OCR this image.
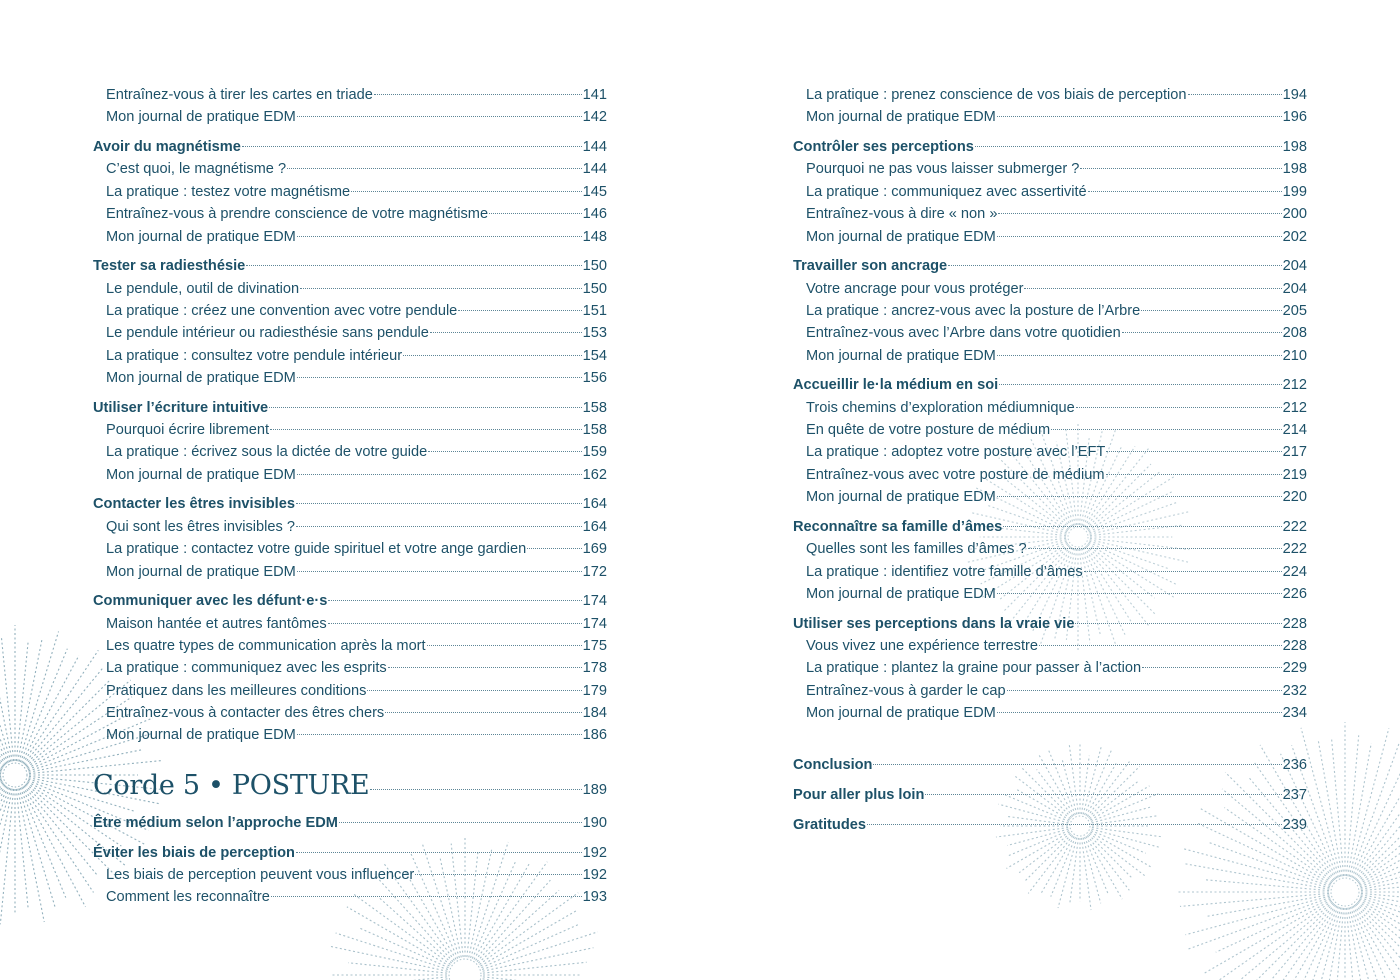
Entraînez-vous à tirer les cartes en triade	141
Mon journal de pratique EDM	142
Avoir du magnétisme	144
C’est quoi, le magnétisme ?	144
La pratique : testez votre magnétisme	145
Entraînez-vous à prendre conscience de votre magnétisme	146
Mon journal de pratique EDM	148
Tester sa radiesthésie	150
Le pendule, outil de divination	150
La pratique : créez une convention avec votre pendule	151
Le pendule intérieur ou radiesthésie sans pendule	153
La pratique : consultez votre pendule intérieur	154
Mon journal de pratique EDM	156
Utiliser l’écriture intuitive	158
Pourquoi écrire librement	158
La pratique : écrivez sous la dictée de votre guide	159
Mon journal de pratique EDM	162
Contacter les êtres invisibles	164
Qui sont les êtres invisibles ?	164
La pratique : contactez votre guide spirituel et votre ange gardien	169
Mon journal de pratique EDM	172
Communiquer avec les défunt·e·s	174
Maison hantée et autres fantômes	174
Les quatre types de communication après la mort	175
La pratique : communiquez avec les esprits	178
Pratiquez dans les meilleures conditions	179
Entraînez-vous à contacter des êtres chers	184
Mon journal de pratique EDM	186
Corde 5 • POSTURE	189
Être médium selon l’approche EDM	190
Éviter les biais de perception	192
Les biais de perception peuvent vous influencer	192
Comment les reconnaître	193
La pratique : prenez conscience de vos biais de perception	194
Mon journal de pratique EDM	196
Contrôler ses perceptions	198
Pourquoi ne pas vous laisser submerger ?	198
La pratique : communiquez avec assertivité	199
Entraînez-vous à dire « non »	200
Mon journal de pratique EDM	202
Travailler son ancrage	204
Votre ancrage pour vous protéger	204
La pratique : ancrez-vous avec la posture de l’Arbre	205
Entraînez-vous avec l’Arbre dans votre quotidien	208
Mon journal de pratique EDM	210
Accueillir le·la médium en soi	212
Trois chemins d’exploration médiumnique	212
En quête de votre posture de médium	214
La pratique : adoptez votre posture avec l’EFT	217
Entraînez-vous avec votre posture de médium	219
Mon journal de pratique EDM	220
Reconnaître sa famille d’âmes	222
Quelles sont les familles d’âmes ?	222
La pratique : identifiez votre famille d’âmes	224
Mon journal de pratique EDM	226
Utiliser ses perceptions dans la vraie vie	228
Vous vivez une expérience terrestre	228
La pratique : plantez la graine pour passer à l’action	229
Entraînez-vous à garder le cap	232
Mon journal de pratique EDM	234
Conclusion	236
Pour aller plus loin	237
Gratitudes	239
